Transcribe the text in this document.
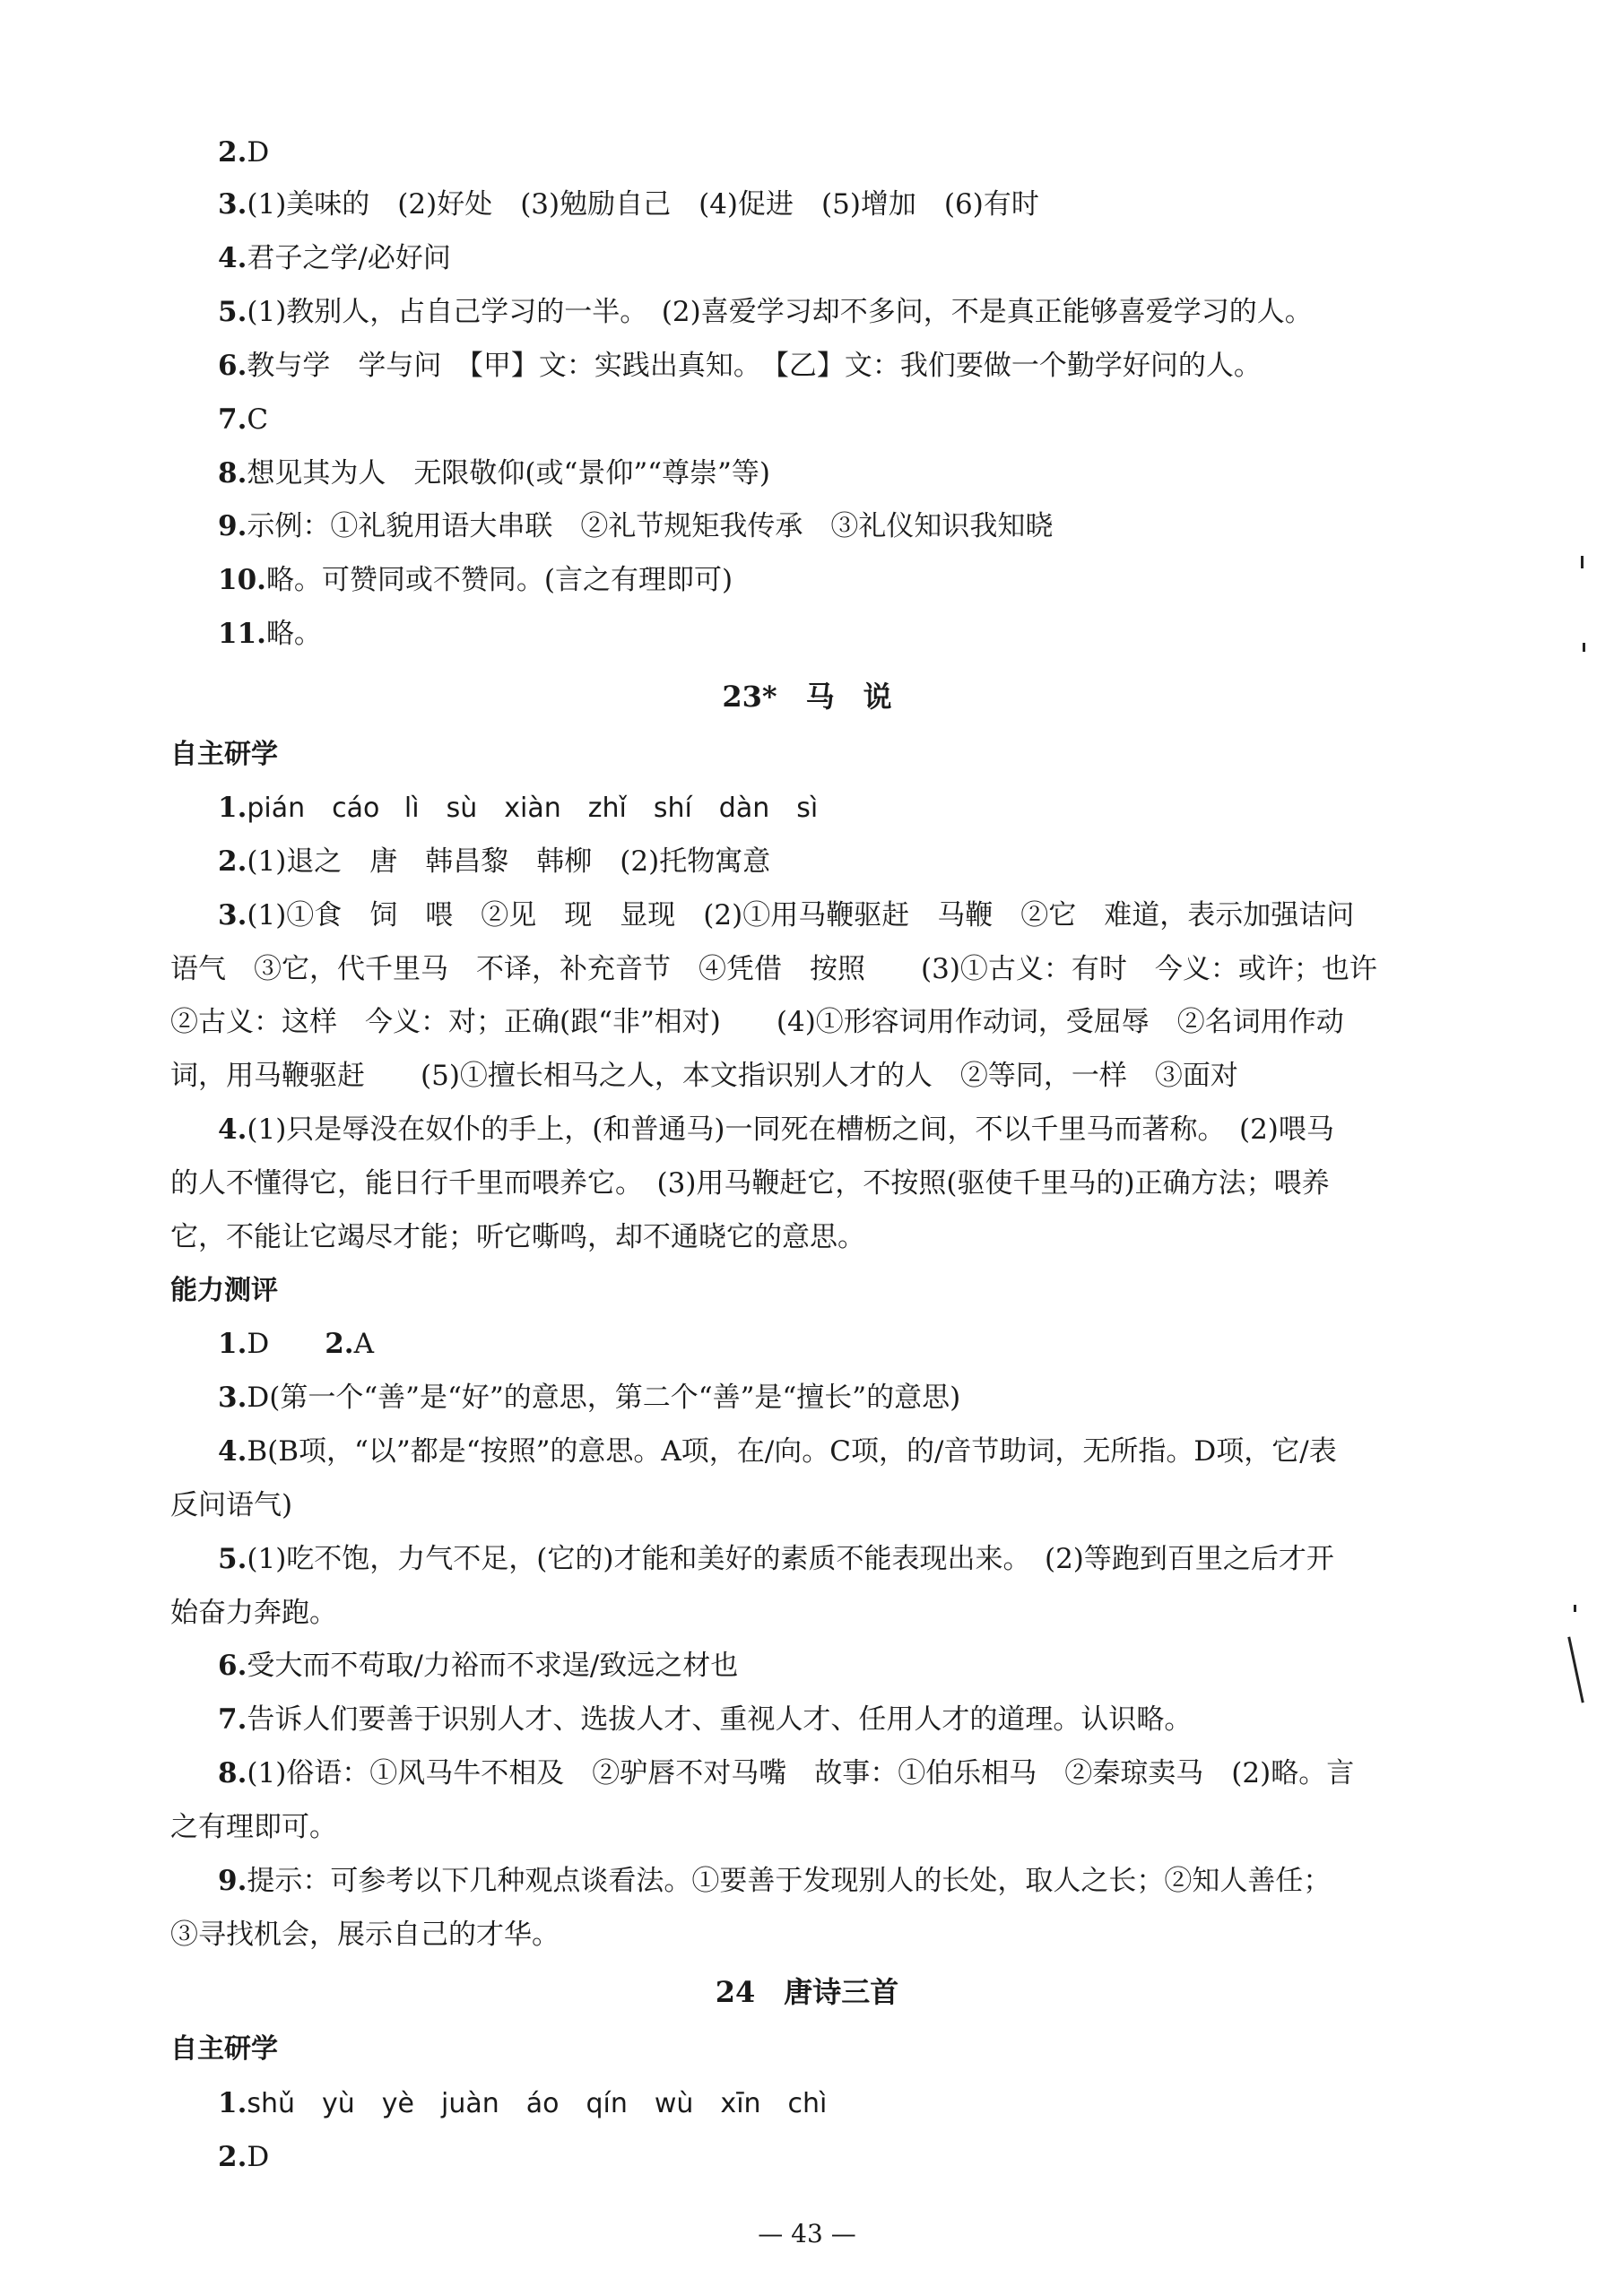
2.D
3.(1)美味的　(2)好处　(3)勉励自己　(4)促进　(5)增加　(6)有时
4.君子之学/必好问
5.(1)教别人，占自己学习的一半。　(2)喜爱学习却不多问，不是真正能够喜爱学习的人。
6.教与学　学与问　【甲】文：实践出真知。　【乙】文：我们要做一个勤学好问的人。
7.C
8.想见其为人　无限敬仰(或“景仰”“尊崇”等)
9.示例：①礼貌用语大串联　②礼节规矩我传承　③礼仪知识我知晓
10.略。可赞同或不赞同。(言之有理即可)
11.略。
23*　马　说
自主研学
1.pián　cáo lì　sù　xiàn　zhǐ　shí　dàn　sì
2.(1)退之　唐　韩昌黎　韩柳　(2)托物寓意
3.(1)①食　饲　喂　②见　现　显现　(2)①用马鞭驱赶　马鞭　②它　难道，表示加强诘问
语气　③它，代千里马　不译，补充音节　④凭借　按照　　(3)①古义：有时　今义：或许；也许
②古义：这样　今义：对；正确(跟“非”相对)　　(4)①形容词用作动词，受屈辱　②名词用作动
词，用马鞭驱赶　　(5)①擅长相马之人，本文指识别人才的人　②等同，一样　③面对
4.(1)只是辱没在奴仆的手上，(和普通马)一同死在槽枥之间，不以千里马而著称。　(2)喂马
的人不懂得它，能日行千里而喂养它。　(3)用马鞭赶它，不按照(驱使千里马的)正确方法；喂养
它，不能让它竭尽才能；听它嘶鸣，却不通晓它的意思。
能力测评
1.D　　2.A
3.D(第一个“善”是“好”的意思，第二个“善”是“擅长”的意思)
4.B(B项，“以”都是“按照”的意思。A项，在/向。C项，的/音节助词，无所指。D项，它/表
反问语气)
5.(1)吃不饱，力气不足，(它的)才能和美好的素质不能表现出来。　(2)等跑到百里之后才开
始奋力奔跑。
6.受大而不苟取/力裕而不求逞/致远之材也
7.告诉人们要善于识别人才、选拔人才、重视人才、任用人才的道理。认识略。
8.(1)俗语：①风马牛不相及　②驴唇不对马嘴　故事：①伯乐相马　②秦琼卖马　(2)略。言
之有理即可。
9.提示：可参考以下几种观点谈看法。①要善于发现别人的长处，取人之长；②知人善任；
③寻找机会，展示自己的才华。
24　唐诗三首
自主研学
1.shǔ　yù　yè　juàn　áo　qín　wù　xīn　chì
2.D
— 43 —
